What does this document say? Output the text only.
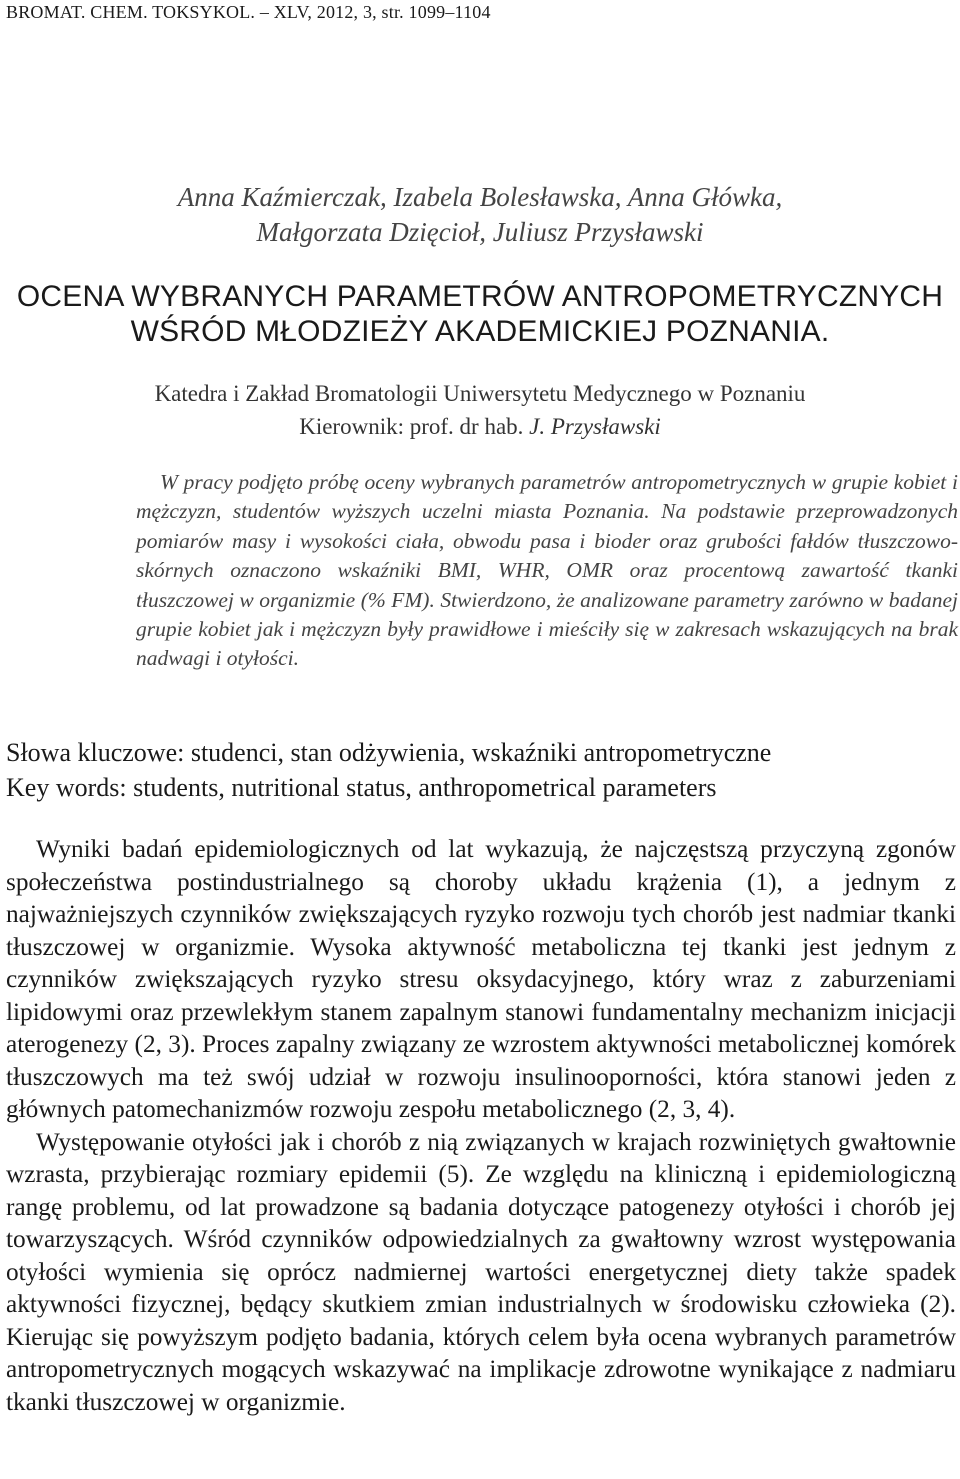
BROMAT. CHEM. TOKSYKOL. – XLV, 2012, 3, str. 1099–1104
Anna Kaźmierczak, Izabela Bolesławska, Anna Główka,
Małgorzata Dzięcioł, Juliusz Przysławski
OCENA WYBRANYCH PARAMETRÓW ANTROPOMETRYCZNYCH
WŚRÓD MŁODZIEŻY AKADEMICKIEJ POZNANIA.
Katedra i Zakład Bromatologii Uniwersytetu Medycznego w Poznaniu
Kierownik: prof. dr hab. J. Przysławski

W pracy podjęto próbę oceny wybranych parametrów antropometrycznych w grupie kobiet i mężczyzn, studentów wyższych uczelni miasta Poznania. Na podstawie przeprowadzonych pomiarów masy i wysokości ciała, obwodu pasa i bioder oraz grubości fałdów tłuszczowo-skórnych oznaczono wskaźniki BMI, WHR, OMR oraz procentową zawartość tkanki tłuszczowej w organizmie (% FM). Stwierdzono, że analizowane parametry zarówno w badanej grupie kobiet jak i mężczyzn były prawidłowe i mieściły się w zakresach wskazujących na brak nadwagi i otyłości.

Słowa kluczowe: studenci, stan odżywienia, wskaźniki antropometryczne
Key words: students, nutritional status, anthropometrical parameters

Wyniki badań epidemiologicznych od lat wykazują, że najczęstszą przyczyną zgonów społeczeństwa postindustrialnego są choroby układu krążenia (1), a jednym z najważniejszych czynników zwiększających ryzyko rozwoju tych chorób jest nadmiar tkanki tłuszczowej w organizmie. Wysoka aktywność metaboliczna tej tkanki jest jednym z czynników zwiększających ryzyko stresu oksydacyjnego, który wraz z zaburzeniami lipidowymi oraz przewlekłym stanem zapalnym stanowi fundamentalny mechanizm inicjacji aterogenezy (2, 3). Proces zapalny związany ze wzrostem aktywności metabolicznej komórek tłuszczowych ma też swój udział w rozwoju insulinooporności, która stanowi jeden z głównych patomechanizmów rozwoju zespołu metabolicznego (2, 3, 4).

Występowanie otyłości jak i chorób z nią związanych w krajach rozwiniętych gwałtownie wzrasta, przybierając rozmiary epidemii (5). Ze względu na kliniczną i epidemiologiczną rangę problemu, od lat prowadzone są badania dotyczące patogenezy otyłości i chorób jej towarzyszących. Wśród czynników odpowiedzialnych za gwałtowny wzrost występowania otyłości wymienia się oprócz nadmiernej wartości energetycznej diety także spadek aktywności fizycznej, będący skutkiem zmian industrialnych w środowisku człowieka (2). Kierując się powyższym podjęto badania, których celem była ocena wybranych parametrów antropometrycznych mogących wskazywać na implikacje zdrowotne wynikające z nadmiaru tkanki tłuszczowej w organizmie.
